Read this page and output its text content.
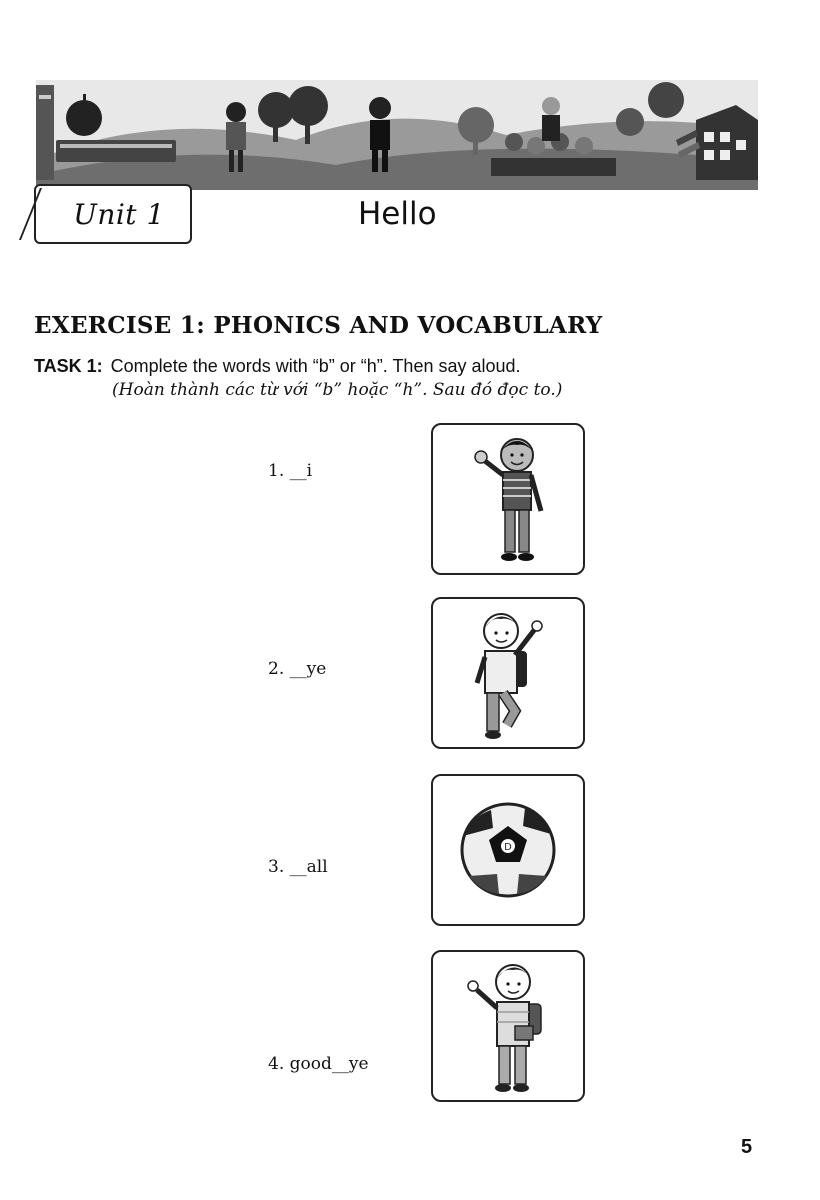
Unit 1	Hello
EXERCISE 1: PHONICS AND VOCABULARY
TASK 1: Complete the words with “b” or “h”. Then say aloud.
(Hoàn thành các từ với “b” hoặc “h”. Sau đó đọc to.)
1. __i
2. __ye
3. __all
D
4. good__ye
5
